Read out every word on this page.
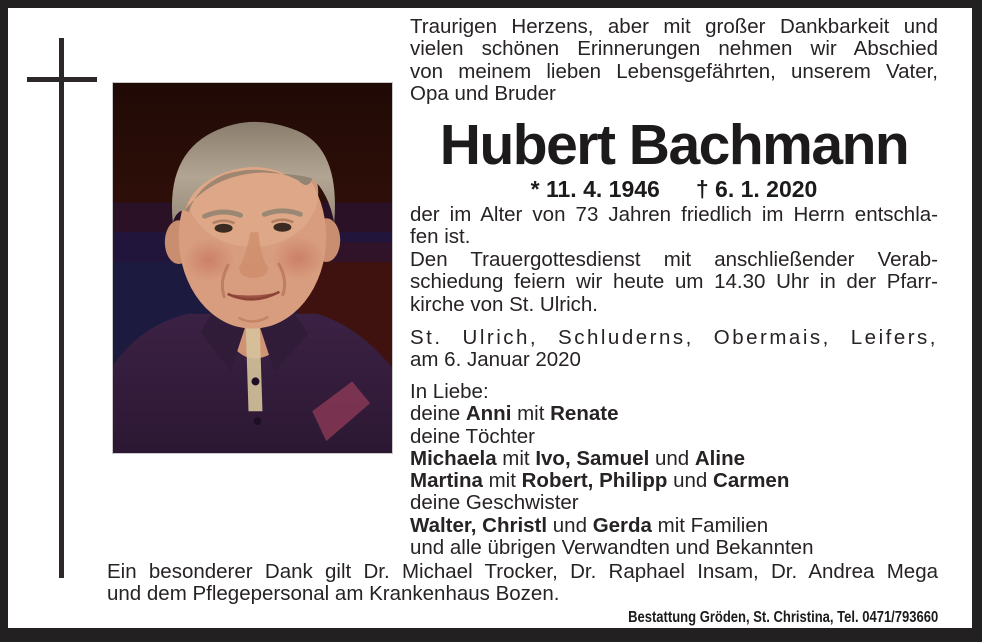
Traurigen Herzens, aber mit großer Dankbarkeit und
vielen schönen Erinnerungen nehmen wir Abschied
von meinem lieben Lebensgefährten, unserem Vater,
Opa und Bruder
Hubert Bachmann
* 11. 4. 1946 † 6. 1. 2020
der im Alter von 73 Jahren friedlich im Herrn entschla-
fen ist.
Den Trauergottesdienst mit anschließender Verab-
schiedung feiern wir heute um 14.30 Uhr in der Pfarr-
kirche von St. Ulrich.
St. Ulrich, Schluderns, Obermais, Leifers,
am 6. Januar 2020
In Liebe:
deine Anni mit Renate
deine Töchter
Michaela mit Ivo, Samuel und Aline
Martina mit Robert, Philipp und Carmen
deine Geschwister
Walter, Christl und Gerda mit Familien
und alle übrigen Verwandten und Bekannten
Ein besonderer Dank gilt Dr. Michael Trocker, Dr. Raphael Insam, Dr. Andrea Mega
und dem Pflegepersonal am Krankenhaus Bozen.
Bestattung Gröden, St. Christina, Tel. 0471/793660
